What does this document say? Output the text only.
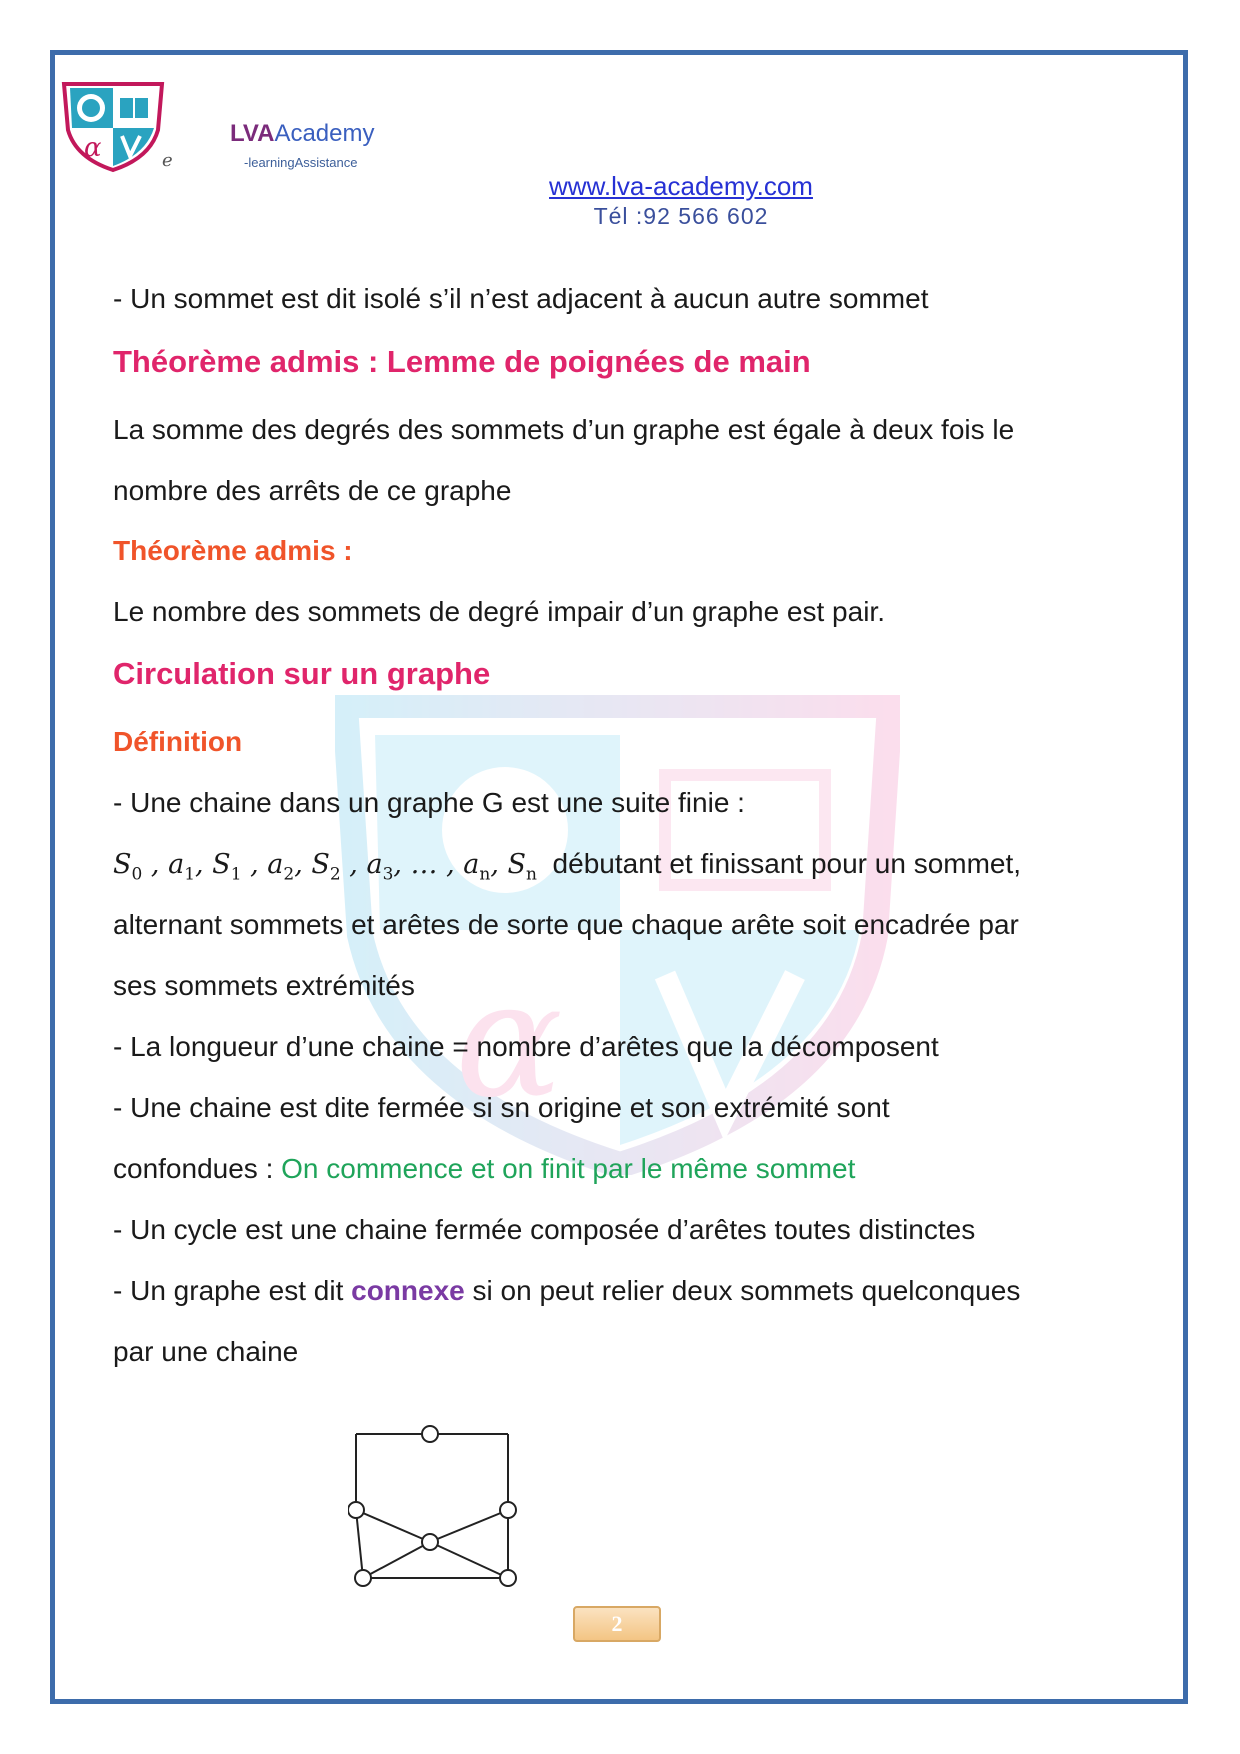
α	e
LVAAcademy
-learningAssistance
www.lva-academy.com
Tél :92 566 602
α
- Un sommet est dit isolé s’il n’est adjacent à aucun autre sommet
Théorème admis : Lemme de poignées de main
La somme des degrés des sommets d’un graphe est égale à deux fois le
nombre des arrêts de ce graphe
Théorème admis :
Le nombre des sommets de degré impair d’un graphe est pair.
Circulation sur un graphe
Définition
- Une chaine dans un graphe G est une suite finie :
$S_0$ , $a_1$, $S_1$ , $a_2$, $S_2$ , $a_3$, … , $a_n$, $S_n$ débutant et finissant pour un sommet,
alternant sommets et arêtes de sorte que chaque arête soit encadrée par
ses sommets extrémités
- La longueur d’une chaine = nombre d’arêtes que la décomposent
- Une chaine est dite fermée si sn origine et son extrémité sont
confondues : On commence et on finit par le même sommet
- Un cycle est une chaine fermée composée d’arêtes toutes distinctes
- Un graphe est dit connexe si on peut relier deux sommets quelconques
par une chaine
2
